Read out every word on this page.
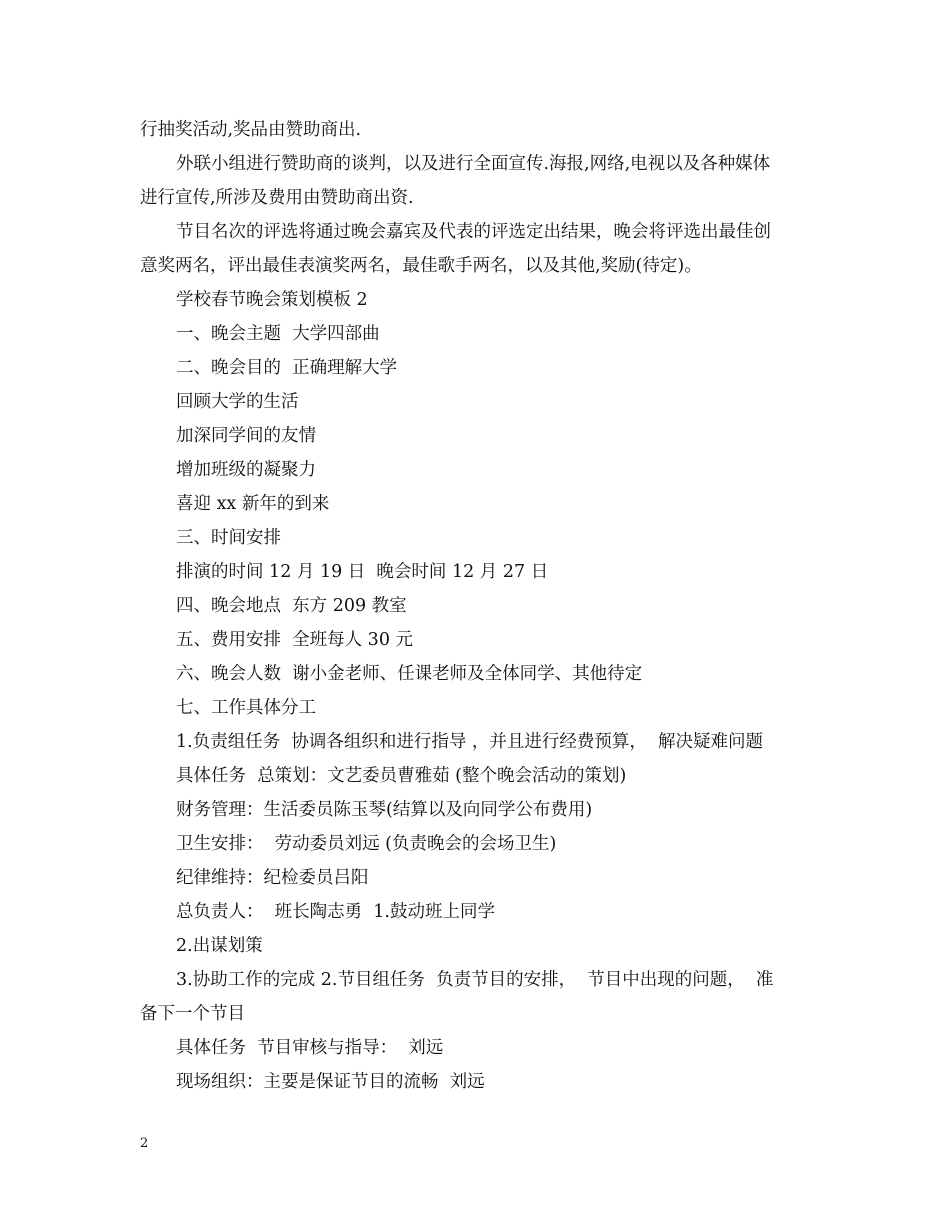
行抽奖活动,奖品由赞助商出.
外联小组进行赞助商的谈判，以及进行全面宣传.海报,网络,电视以及各种媒体
进行宣传,所涉及费用由赞助商出资.
节目名次的评选将通过晚会嘉宾及代表的评选定出结果，晚会将评选出最佳创
意奖两名，评出最佳表演奖两名，最佳歌手两名，以及其他,奖励(待定)。
学校春节晚会策划模板 2
一、晚会主题  大学四部曲
二、晚会目的  正确理解大学
回顾大学的生活
加深同学间的友情
增加班级的凝聚力
喜迎 xx 新年的到来
三、时间安排
排演的时间 12 月 19 日  晚会时间 12 月 27 日
四、晚会地点  东方 209 教室
五、费用安排  全班每人 30 元
六、晚会人数  谢小金老师、任课老师及全体同学、其他待定
七、工作具体分工
1.负责组任务  协调各组织和进行指导 ，并且进行经费预算，  解决疑难问题
具体任务  总策划：文艺委员曹雅茹 (整个晚会活动的策划)
财务管理：生活委员陈玉琴(结算以及向同学公布费用)
卫生安排：  劳动委员刘远 (负责晚会的会场卫生)
纪律维持：纪检委员吕阳
总负责人：  班长陶志勇  1.鼓动班上同学
2.出谋划策
3.协助工作的完成 2.节目组任务  负责节目的安排，  节目中出现的问题，  准
备下一个节目
具体任务  节目审核与指导：  刘远
现场组织：主要是保证节目的流畅  刘远
2
